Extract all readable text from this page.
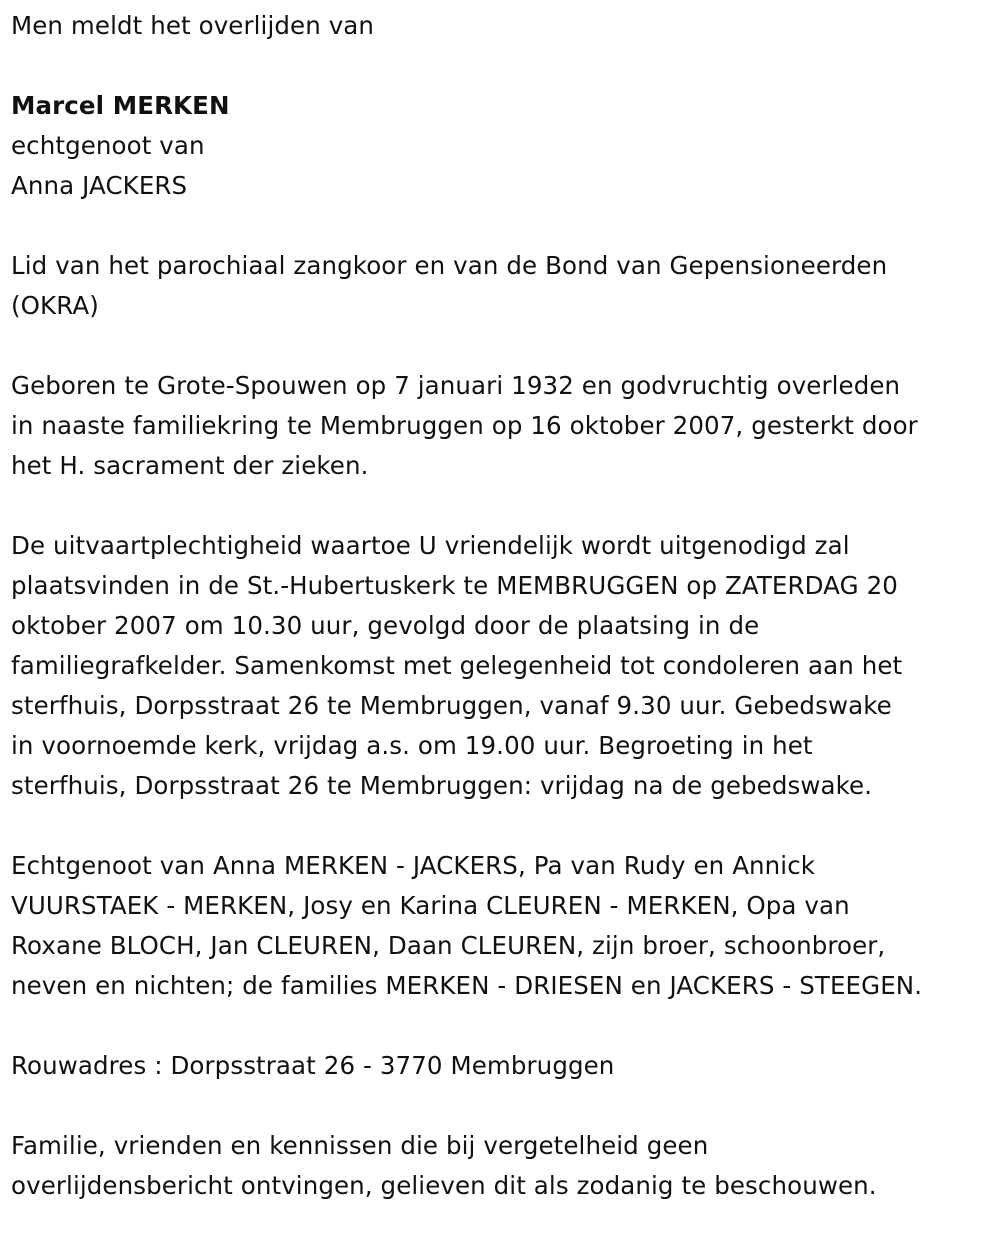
Men meldt het overlijden van
Marcel MERKEN
echtgenoot van
Anna JACKERS
Lid van het parochiaal zangkoor en van de Bond van Gepensioneerden
(OKRA)
Geboren te Grote-Spouwen op 7 januari 1932 en godvruchtig overleden
in naaste familiekring te Membruggen op 16 oktober 2007, gesterkt door
het H. sacrament der zieken.
De uitvaartplechtigheid waartoe U vriendelijk wordt uitgenodigd zal
plaatsvinden in de St.-Hubertuskerk te MEMBRUGGEN op ZATERDAG 20
oktober 2007 om 10.30 uur, gevolgd door de plaatsing in de
familiegrafkelder. Samenkomst met gelegenheid tot condoleren aan het
sterfhuis, Dorpsstraat 26 te Membruggen, vanaf 9.30 uur. Gebedswake
in voornoemde kerk, vrijdag a.s. om 19.00 uur. Begroeting in het
sterfhuis, Dorpsstraat 26 te Membruggen: vrijdag na de gebedswake.
Echtgenoot van Anna MERKEN - JACKERS, Pa van Rudy en Annick
VUURSTAEK - MERKEN, Josy en Karina CLEUREN - MERKEN, Opa van
Roxane BLOCH, Jan CLEUREN, Daan CLEUREN, zijn broer, schoonbroer,
neven en nichten; de families MERKEN - DRIESEN en JACKERS - STEEGEN.
Rouwadres : Dorpsstraat 26 - 3770 Membruggen
Familie, vrienden en kennissen die bij vergetelheid geen
overlijdensbericht ontvingen, gelieven dit als zodanig te beschouwen.
